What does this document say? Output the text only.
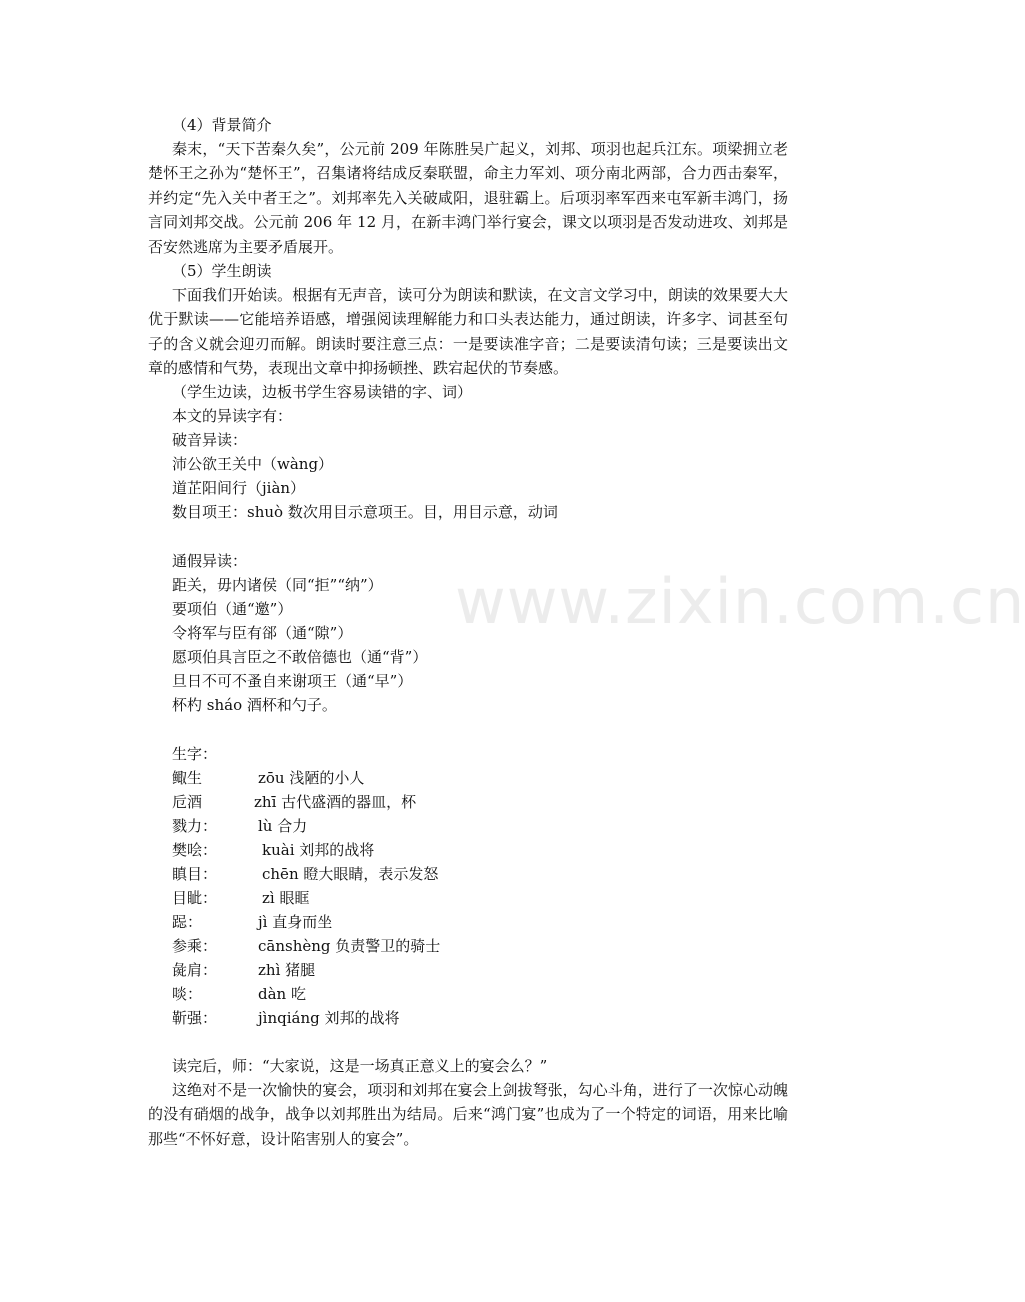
www.zixin.com.cn
（4）背景简介
秦末，“天下苦秦久矣”，公元前 209 年陈胜吴广起义，刘邦、项羽也起兵江东。项梁拥立老楚怀王之孙为“楚怀王”，召集诸将结成反秦联盟，命主力军刘、项分南北两部，合力西击秦军，并约定“先入关中者王之”。刘邦率先入关破咸阳，退驻霸上。后项羽率军西来屯军新丰鸿门，扬言同刘邦交战。公元前 206 年 12 月，在新丰鸿门举行宴会，课文以项羽是否发动进攻、刘邦是否安然逃席为主要矛盾展开。
（5）学生朗读
下面我们开始读。根据有无声音，读可分为朗读和默读，在文言文学习中，朗读的效果要大大优于默读——它能培养语感，增强阅读理解能力和口头表达能力，通过朗读，许多字、词甚至句子的含义就会迎刃而解。朗读时要注意三点：一是要读准字音；二是要读清句读；三是要读出文章的感情和气势，表现出文章中抑扬顿挫、跌宕起伏的节奏感。
（学生边读，边板书学生容易读错的字、词）
本文的异读字有：
破音异读：
沛公欲王关中（wàng）
道芷阳间行（jiàn）
数目项王：shuò 数次用目示意项王。目，用目示意，动词
通假异读：
距关，毋内诸侯（同“拒”“纳”）
要项伯（通“邀”）
令将军与臣有郤（通“隙”）
愿项伯具言臣之不敢倍德也（通“背”）
旦日不可不蚤自来谢项王（通“早”）
杯杓 sháo 酒杯和勺子。
生字：
鲰生	zōu 浅陋的小人
卮酒	zhī 古代盛酒的器皿，杯
戮力：	lù 合力
樊哙：	kuài 刘邦的战将
瞋目：	chēn 瞪大眼睛，表示发怒
目眦：	zì 眼眶
跽：	jì 直身而坐
参乘：	cānshèng 负责警卫的骑士
彘肩：	zhì 猪腿
啖：	dàn 吃
靳强：	jìnqiáng 刘邦的战将
读完后，师：“大家说，这是一场真正意义上的宴会么？”
这绝对不是一次愉快的宴会，项羽和刘邦在宴会上剑拔弩张，勾心斗角，进行了一次惊心动魄的没有硝烟的战争，战争以刘邦胜出为结局。后来“鸿门宴”也成为了一个特定的词语，用来比喻那些“不怀好意，设计陷害别人的宴会”。
